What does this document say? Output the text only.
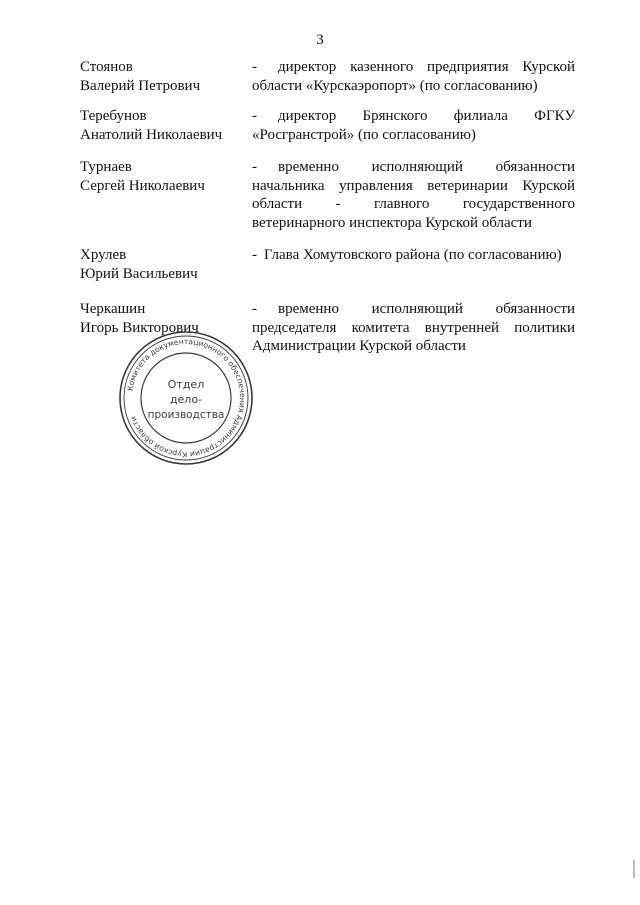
3
Стоянов
Валерий Петрович
- директор казенного предприятия Курской области «Курскаэропорт» (по согласованию)
Теребунов
Анатолий Николаевич
- директор Брянского филиала ФГКУ «Росгранстрой» (по согласованию)
Турнаев
Сергей Николаевич
- временно исполняющий обязанности начальника управления ветеринарии Курской области - главного государственного ветеринарного инспектора Курской области
Хрулев
Юрий Васильевич
- Глава Хомутовского района (по согласованию)
Черкашин
Игорь Викторович
- временно исполняющий обязанности председателя комитета внутренней политики Администрации Курской области
Комитета документационного обеспечения Администрации Курской области
Отдел
дело-
производства
